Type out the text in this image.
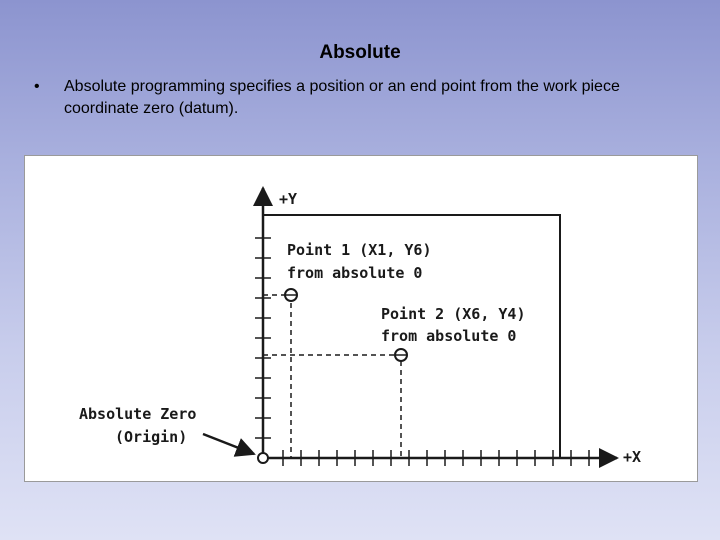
Absolute
• Absolute programming specifies a position or an end point from the work piece coordinate zero (datum).
+Y
+X
Point 1 (X1, Y6)
from absolute 0
Point 2 (X6, Y4)
from absolute 0
Absolute Zero
(Origin)
